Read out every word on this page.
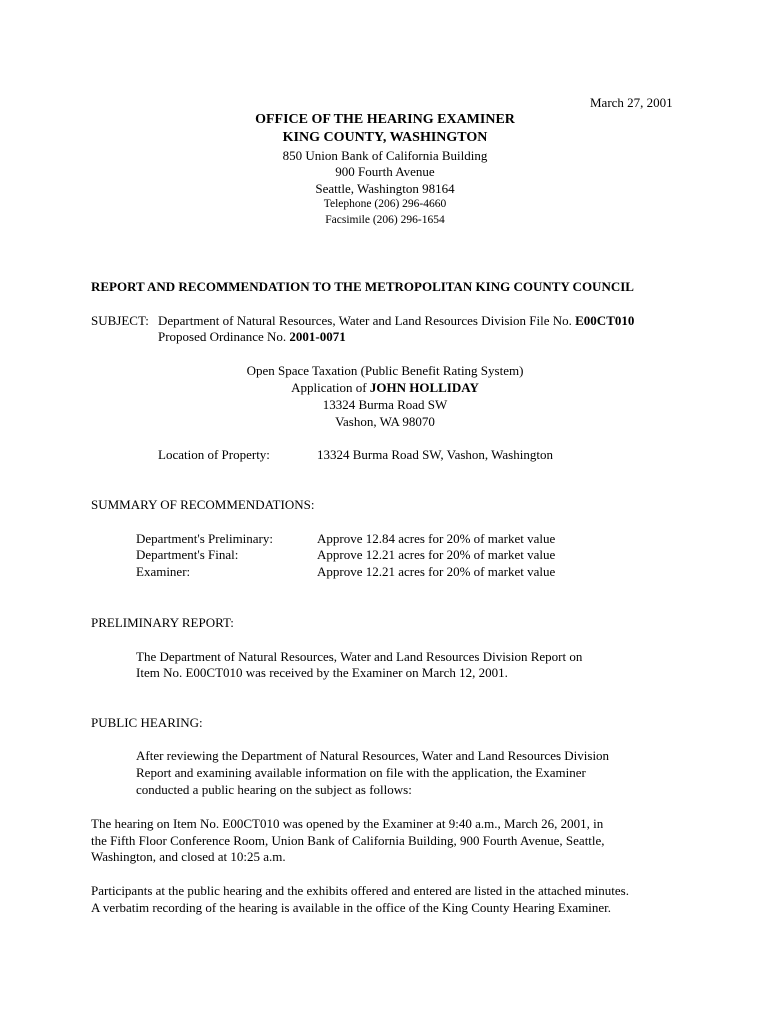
March 27, 2001
OFFICE OF THE HEARING EXAMINER
KING COUNTY, WASHINGTON
850 Union Bank of California Building
900 Fourth Avenue
Seattle, Washington 98164
Telephone (206) 296-4660
Facsimile (206) 296-1654
REPORT AND RECOMMENDATION TO THE METROPOLITAN KING COUNTY COUNCIL
SUBJECT: Department of Natural Resources, Water and Land Resources Division File No. E00CT010
Proposed Ordinance No. 2001-0071
Open Space Taxation (Public Benefit Rating System)
Application of JOHN HOLLIDAY
13324 Burma Road SW
Vashon, WA 98070
Location of Property:	13324 Burma Road SW, Vashon, Washington
SUMMARY OF RECOMMENDATIONS:
Department's Preliminary:	Approve 12.84 acres for 20% of market value
Department's Final:	Approve 12.21 acres for 20% of market value
Examiner:	Approve 12.21 acres for 20% of market value
PRELIMINARY REPORT:
The Department of Natural Resources, Water and Land Resources Division Report on
Item No. E00CT010 was received by the Examiner on March 12, 2001.
PUBLIC HEARING:
After reviewing the Department of Natural Resources, Water and Land Resources Division
Report and examining available information on file with the application, the Examiner
conducted a public hearing on the subject as follows:
The hearing on Item No. E00CT010 was opened by the Examiner at 9:40 a.m., March 26, 2001, in
the Fifth Floor Conference Room, Union Bank of California Building, 900 Fourth Avenue, Seattle,
Washington, and closed at 10:25 a.m.
Participants at the public hearing and the exhibits offered and entered are listed in the attached minutes.
A verbatim recording of the hearing is available in the office of the King County Hearing Examiner.
